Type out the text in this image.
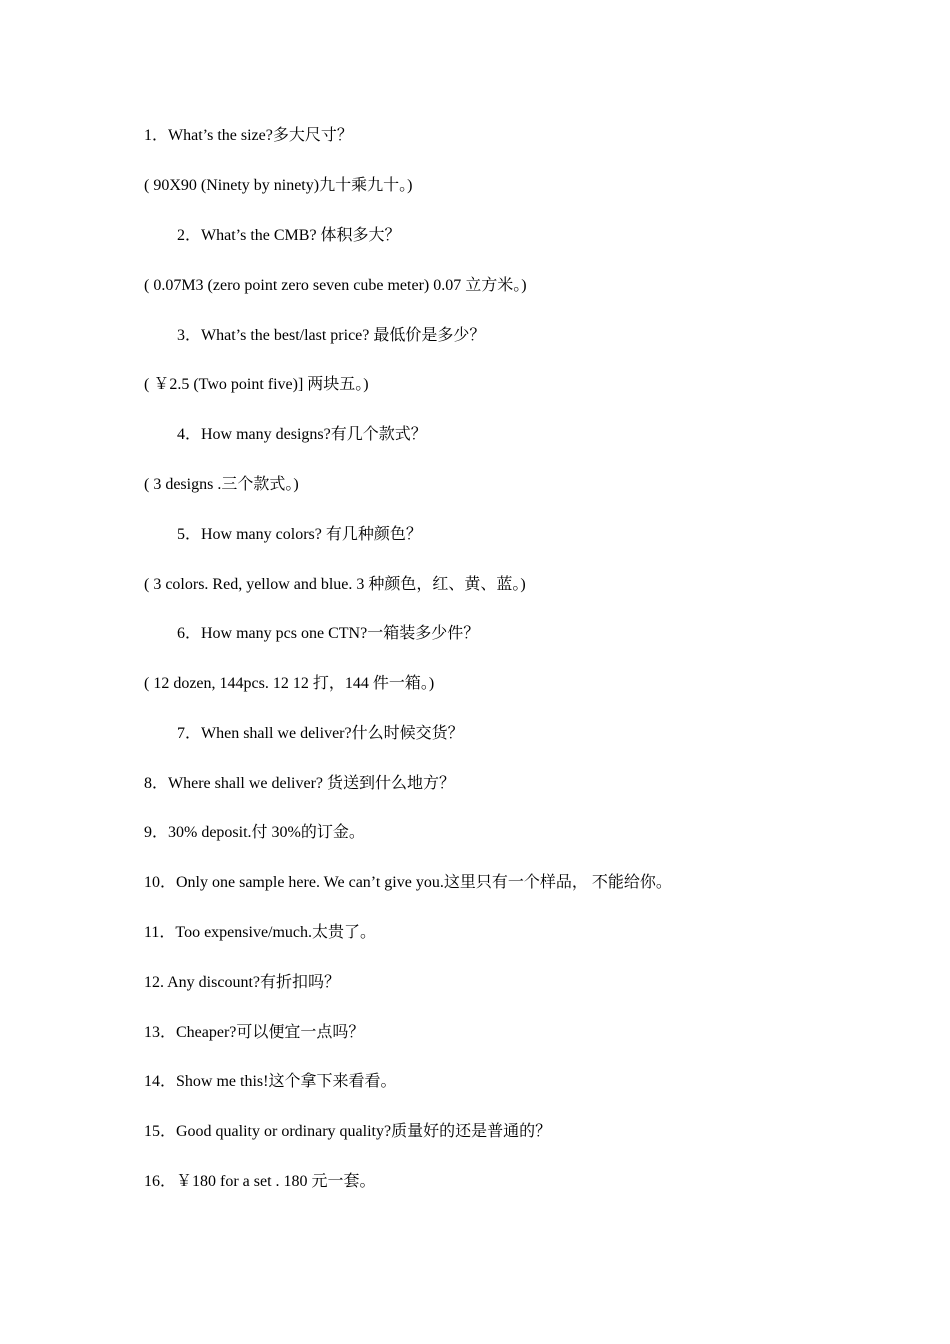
1．What’s the size?多大尺寸？
( 90X90 (Ninety by ninety)九十乘九十。)
2．What’s the CMB? 体积多大？
( 0.07M3 (zero point zero seven cube meter) 0.07 立方米。)
3．What’s the best/last price? 最低价是多少？
( ￥2.5 (Two point five)] 两块五。)
4．How many designs?有几个款式？
( 3 designs .三个款式。)
5．How many colors? 有几种颜色？
( 3 colors. Red, yellow and blue. 3 种颜色，红、黄、蓝。)
6．How many pcs one CTN?一箱装多少件？
( 12 dozen, 144pcs. 12 12 打，144 件一箱。)
7．When shall we deliver?什么时候交货？
8．Where shall we deliver? 货送到什么地方？
9．30% deposit.付 30%的订金。
10．Only one sample here. We can’t give you.这里只有一个样品， 不能给你。
11．Too expensive/much.太贵了。
12. Any discount?有折扣吗？
13．Cheaper?可以便宜一点吗？
14．Show me this!这个拿下来看看。
15．Good quality or ordinary quality?质量好的还是普通的？
16．￥180 for a set . 180 元一套。
